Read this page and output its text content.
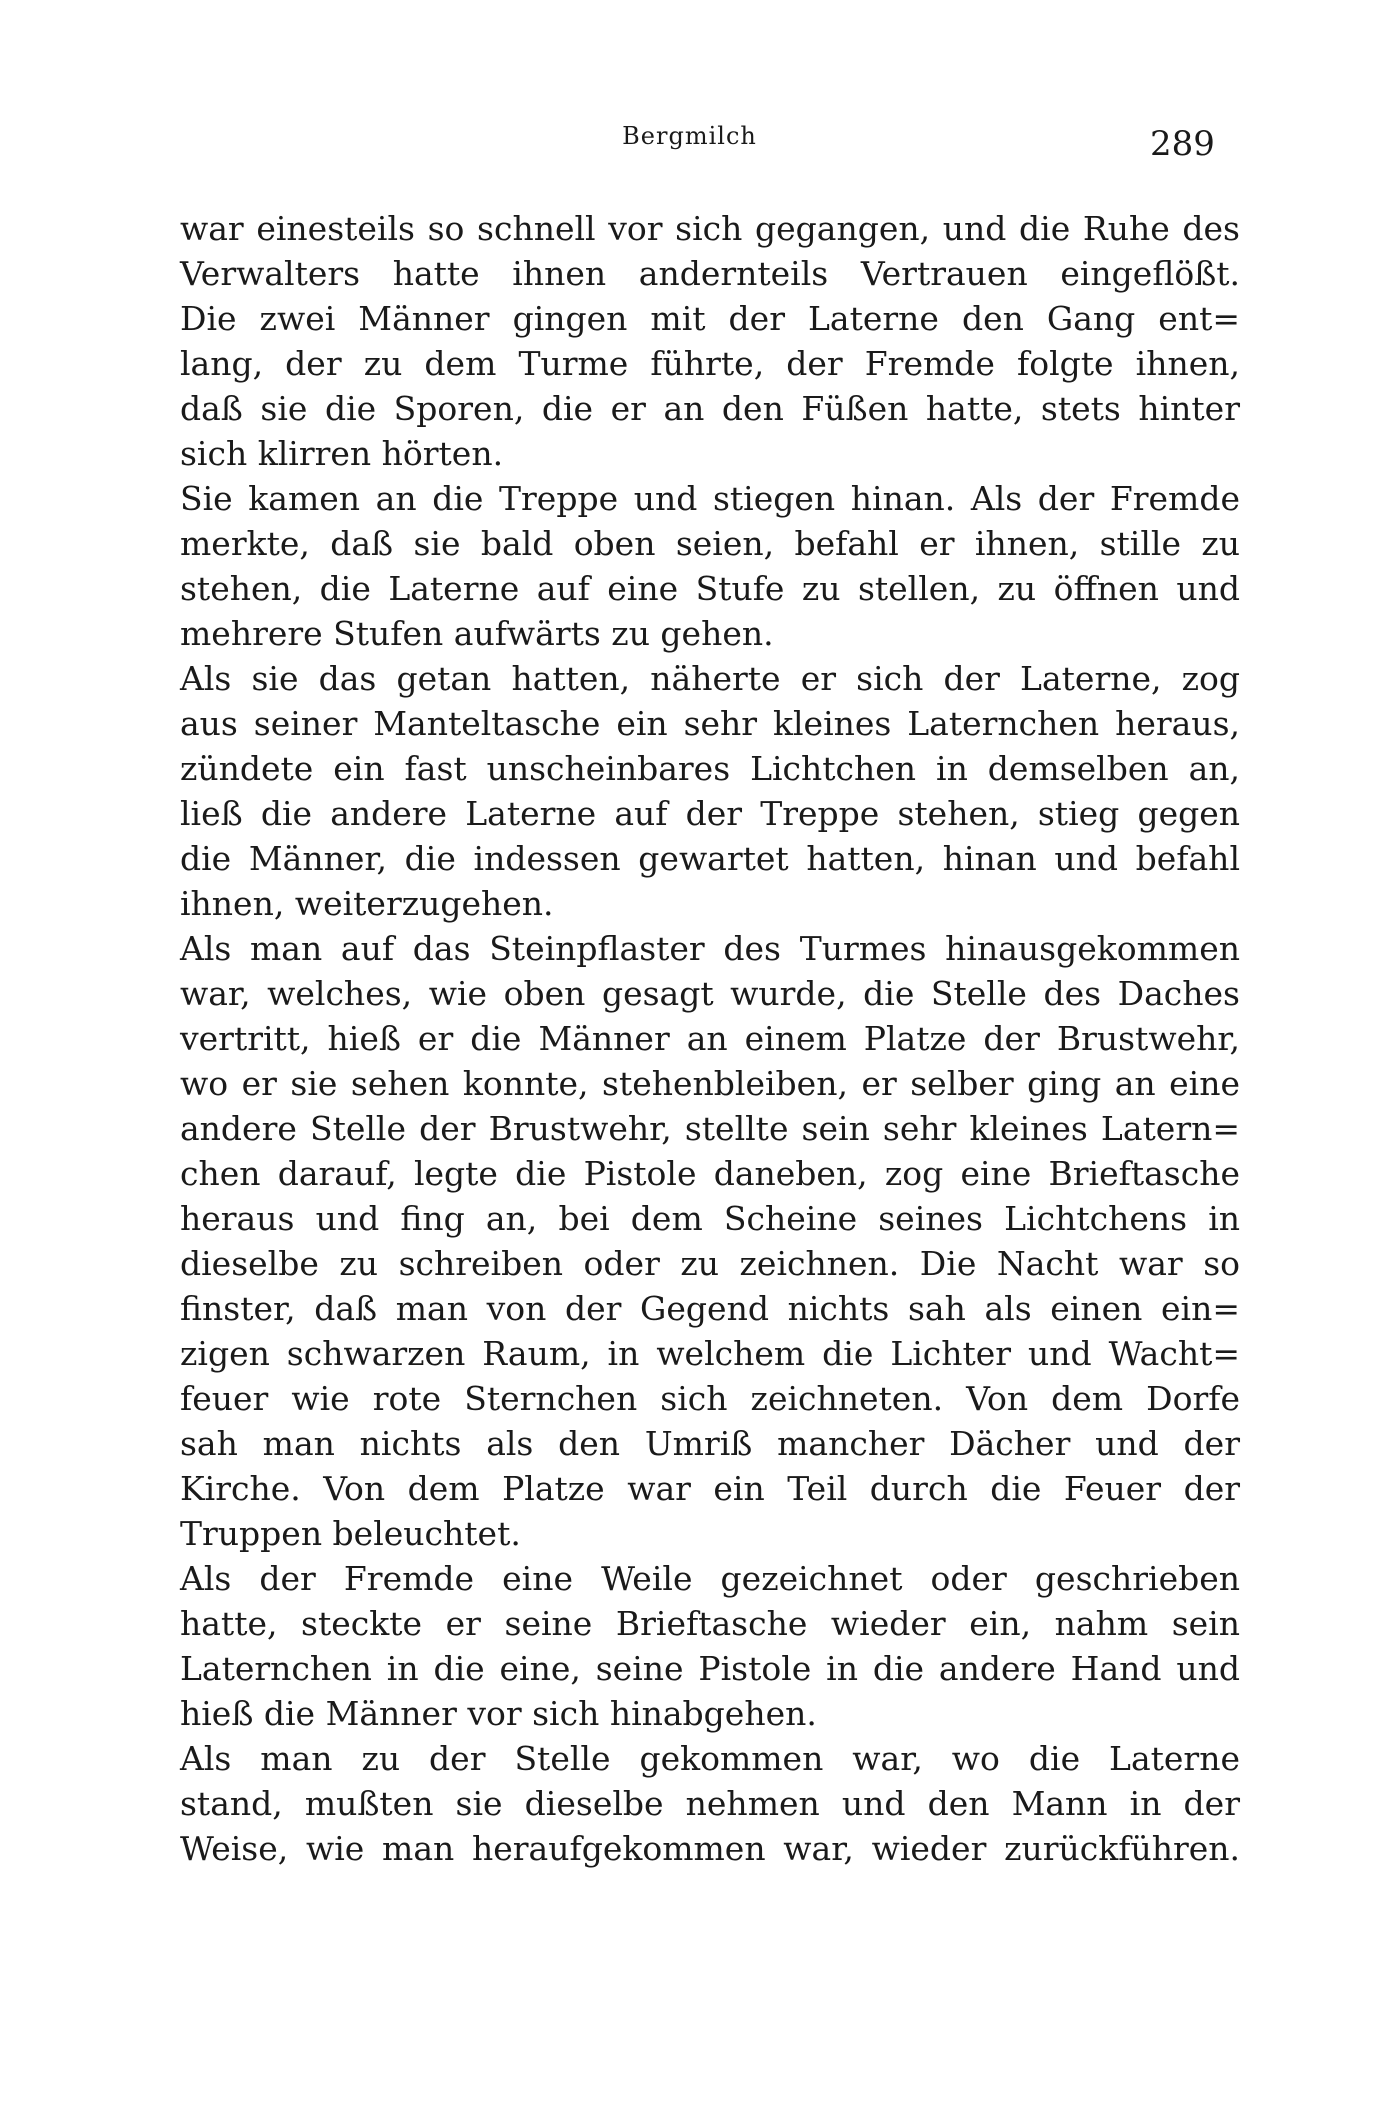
Bergmilch	289
war einesteils so schnell vor sich gegangen, und die Ruhe des
Verwalters hatte ihnen andernteils Vertrauen eingeflößt.
Die zwei Männer gingen mit der Laterne den Gang ent=
lang, der zu dem Turme führte, der Fremde folgte ihnen,
daß sie die Sporen, die er an den Füßen hatte, stets hinter
sich klirren hörten.
Sie kamen an die Treppe und stiegen hinan. Als der Fremde
merkte, daß sie bald oben seien, befahl er ihnen, stille zu
stehen, die Laterne auf eine Stufe zu stellen, zu öffnen und
mehrere Stufen aufwärts zu gehen.
Als sie das getan hatten, näherte er sich der Laterne, zog
aus seiner Manteltasche ein sehr kleines Laternchen heraus,
zündete ein fast unscheinbares Lichtchen in demselben an,
ließ die andere Laterne auf der Treppe stehen, stieg gegen
die Männer, die indessen gewartet hatten, hinan und befahl
ihnen, weiterzugehen.
Als man auf das Steinpflaster des Turmes hinausgekommen
war, welches, wie oben gesagt wurde, die Stelle des Daches
vertritt, hieß er die Männer an einem Platze der Brustwehr,
wo er sie sehen konnte, stehenbleiben, er selber ging an eine
andere Stelle der Brustwehr, stellte sein sehr kleines Latern=
chen darauf, legte die Pistole daneben, zog eine Brieftasche
heraus und fing an, bei dem Scheine seines Lichtchens in
dieselbe zu schreiben oder zu zeichnen. Die Nacht war so
finster, daß man von der Gegend nichts sah als einen ein=
zigen schwarzen Raum, in welchem die Lichter und Wacht=
feuer wie rote Sternchen sich zeichneten. Von dem Dorfe
sah man nichts als den Umriß mancher Dächer und der
Kirche. Von dem Platze war ein Teil durch die Feuer der
Truppen beleuchtet.
Als der Fremde eine Weile gezeichnet oder geschrieben
hatte, steckte er seine Brieftasche wieder ein, nahm sein
Laternchen in die eine, seine Pistole in die andere Hand und
hieß die Männer vor sich hinabgehen.
Als man zu der Stelle gekommen war, wo die Laterne
stand, mußten sie dieselbe nehmen und den Mann in der
Weise, wie man heraufgekommen war, wieder zurückführen.
